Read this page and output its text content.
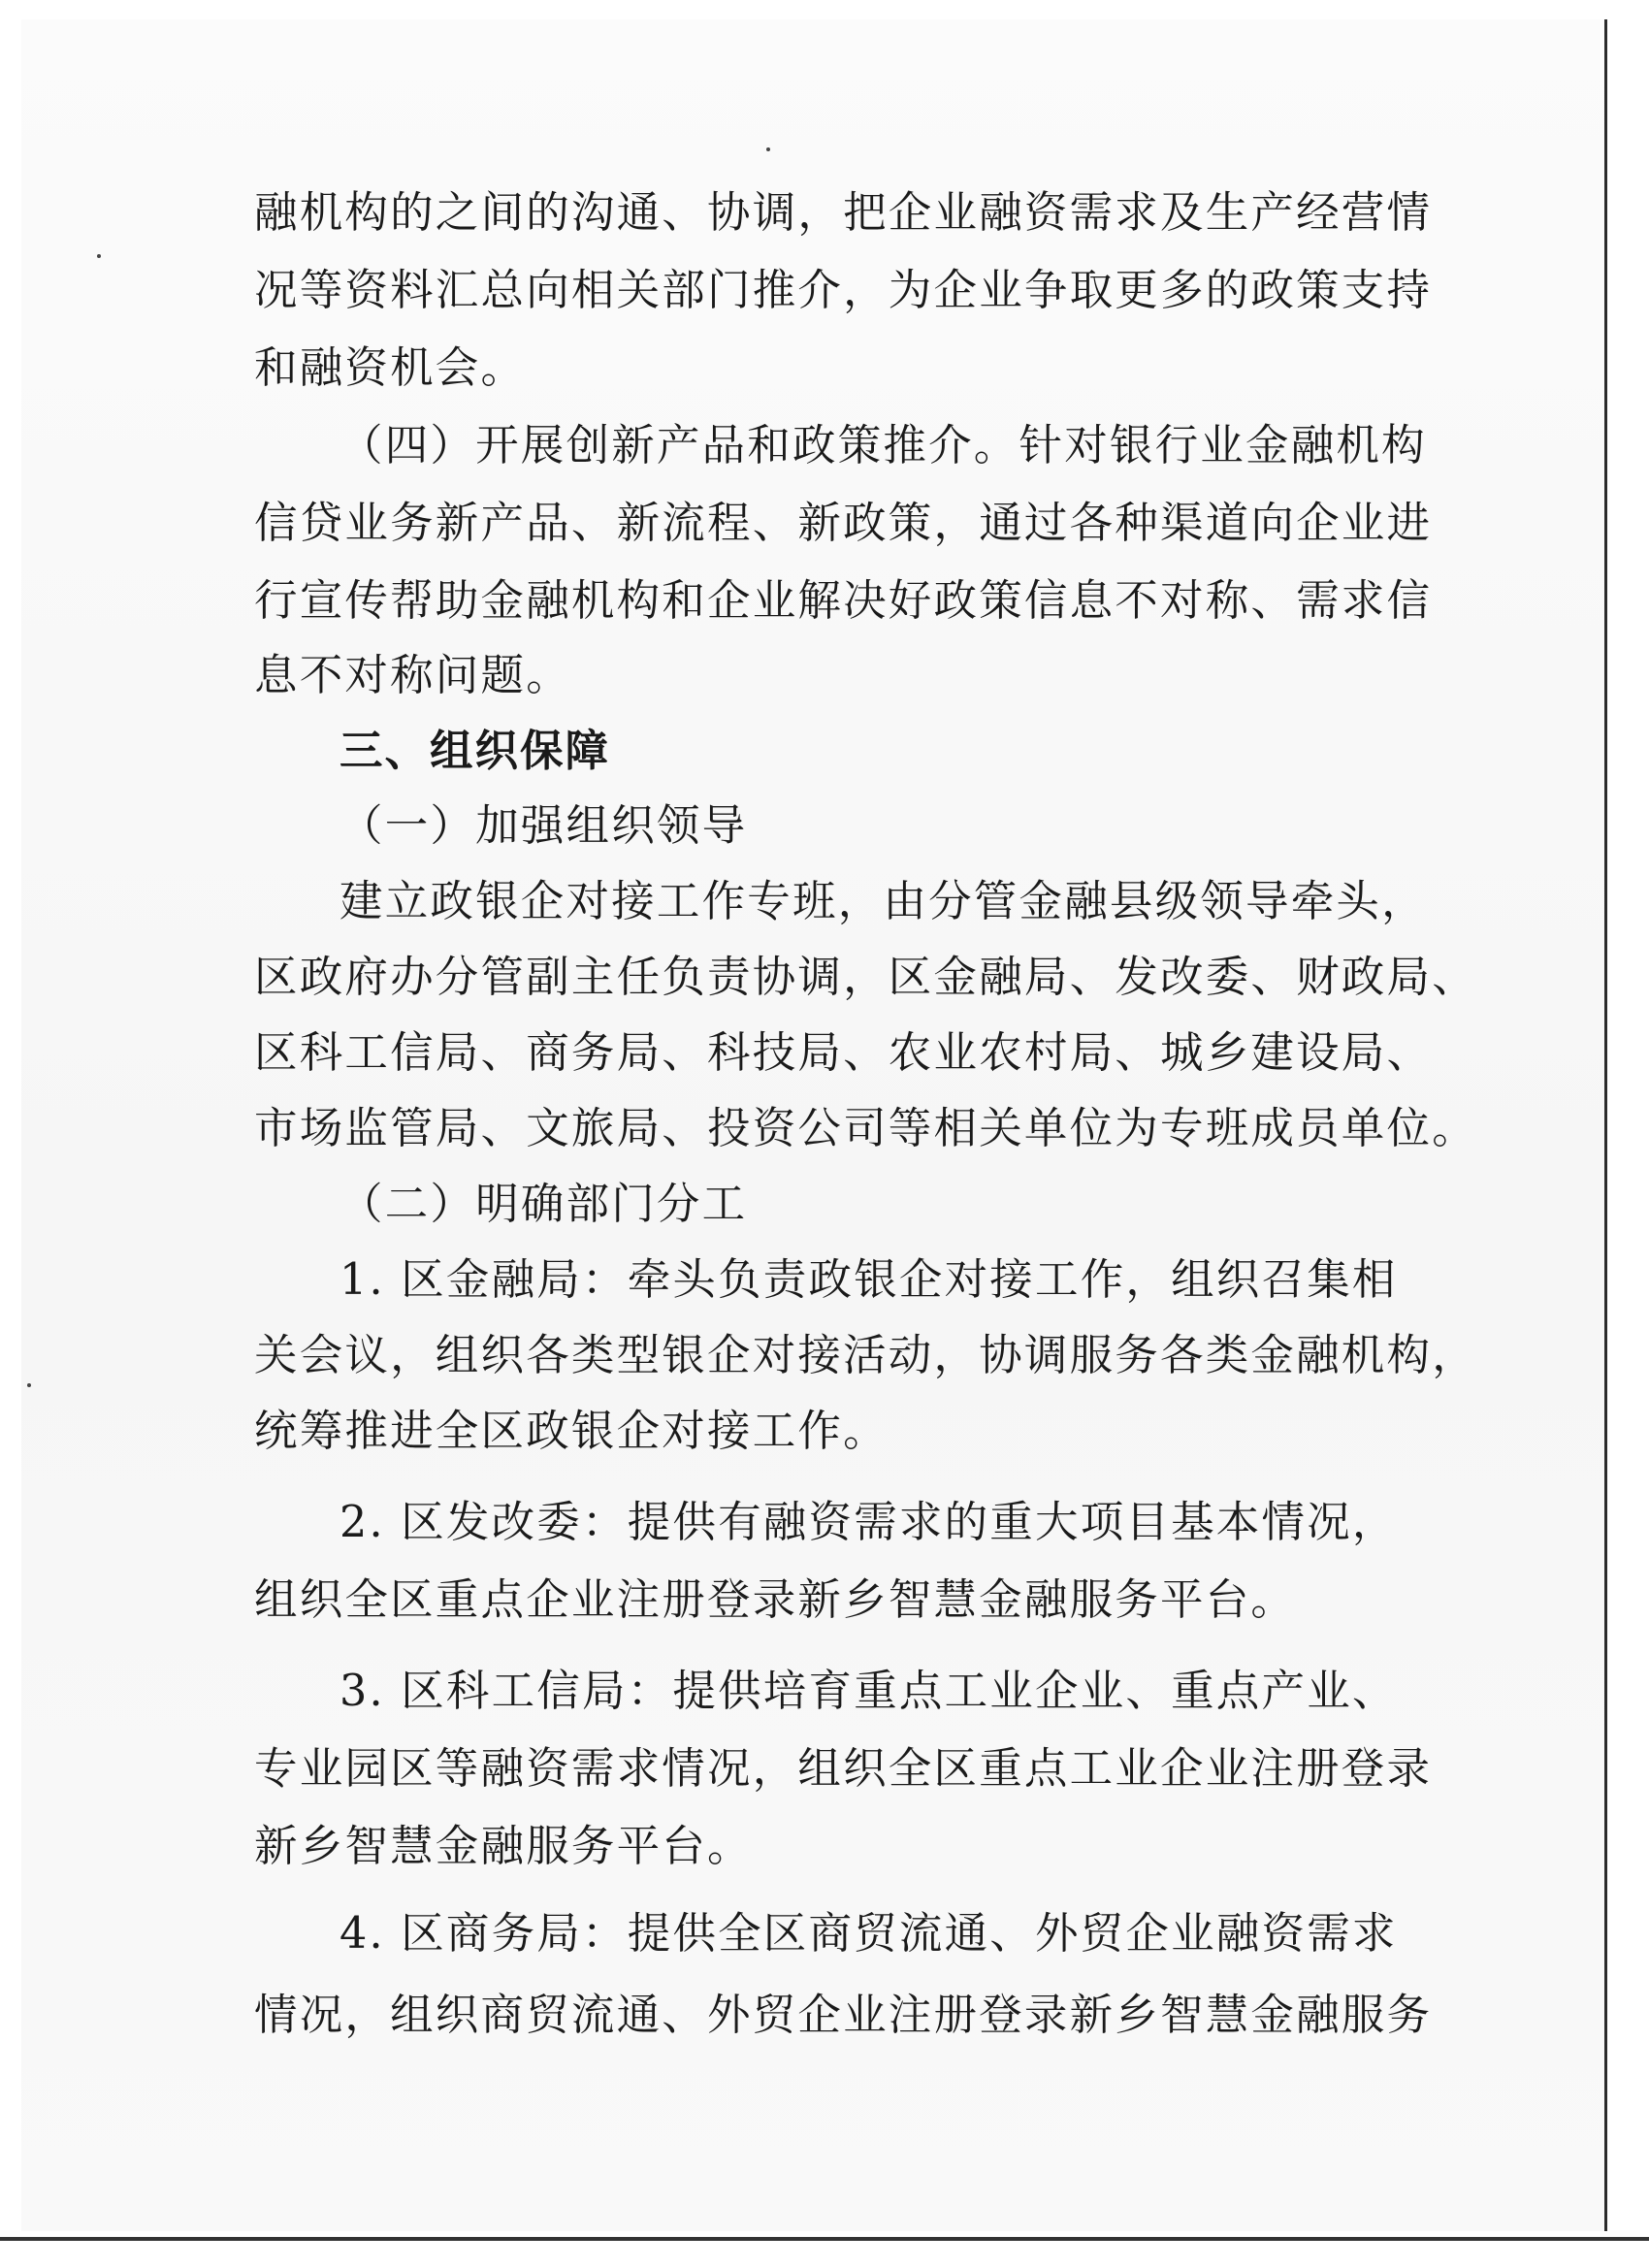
融机构的之间的沟通、协调，把企业融资需求及生产经营情
况等资料汇总向相关部门推介，为企业争取更多的政策支持
和融资机会。
（四）开展创新产品和政策推介。针对银行业金融机构
信贷业务新产品、新流程、新政策，通过各种渠道向企业进
行宣传帮助金融机构和企业解决好政策信息不对称、需求信
息不对称问题。
三、组织保障
（一）加强组织领导
建立政银企对接工作专班，由分管金融县级领导牵头，
区政府办分管副主任负责协调，区金融局、发改委、财政局、
区科工信局、商务局、科技局、农业农村局、城乡建设局、
市场监管局、文旅局、投资公司等相关单位为专班成员单位。
（二）明确部门分工
1. 区金融局：牵头负责政银企对接工作，组织召集相
关会议，组织各类型银企对接活动，协调服务各类金融机构，
统筹推进全区政银企对接工作。
2. 区发改委：提供有融资需求的重大项目基本情况，
组织全区重点企业注册登录新乡智慧金融服务平台。
3. 区科工信局：提供培育重点工业企业、重点产业、
专业园区等融资需求情况，组织全区重点工业企业注册登录
新乡智慧金融服务平台。
4. 区商务局：提供全区商贸流通、外贸企业融资需求
情况，组织商贸流通、外贸企业注册登录新乡智慧金融服务
